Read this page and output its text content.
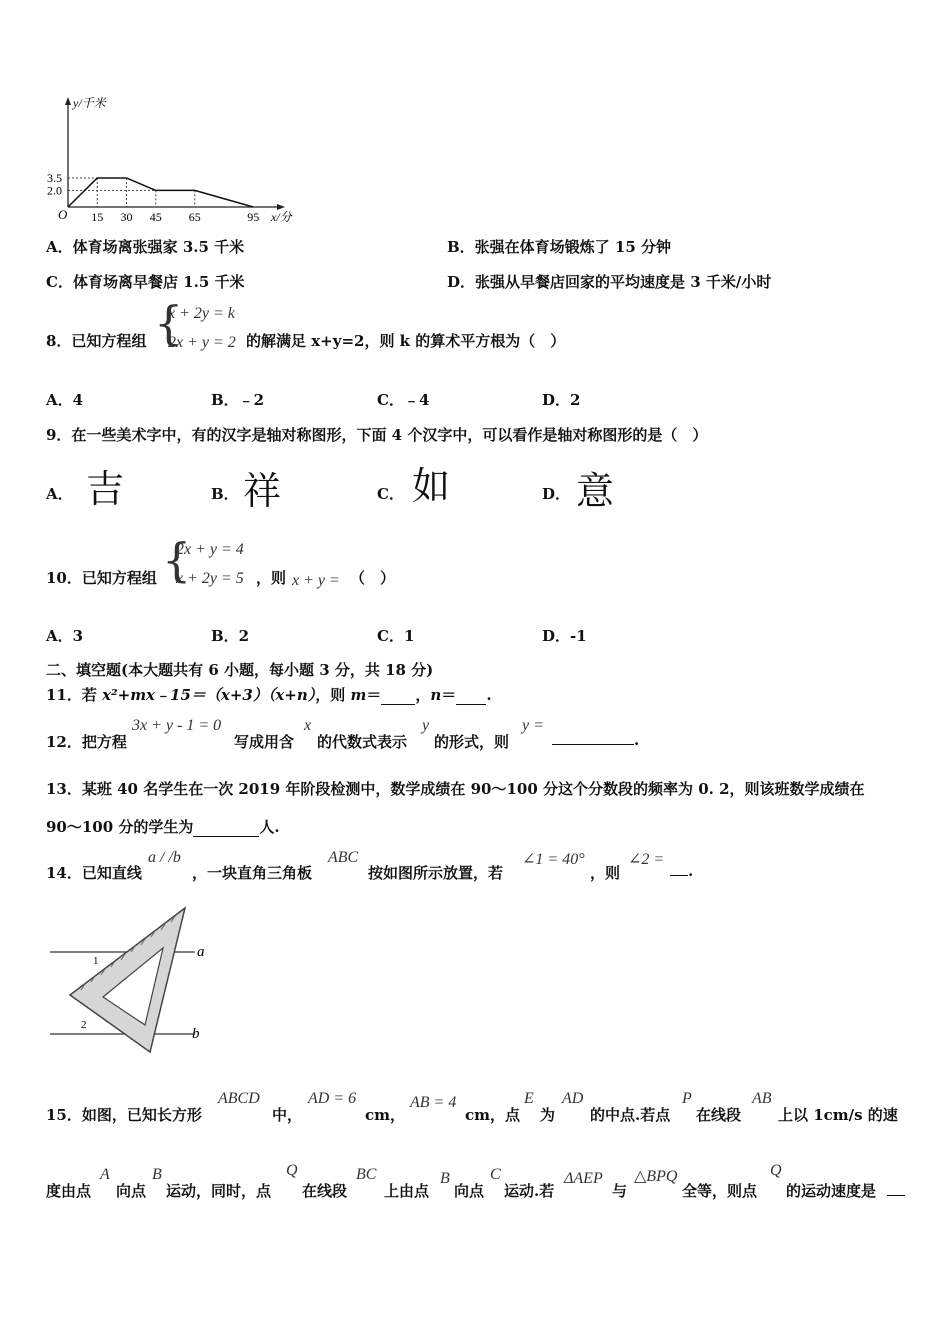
15 30 45 65	95
3.5
2.0
O
y/千米
x/分
A．体育场离张强家 3.5 千米	B．张强在体育场锻炼了 15 分钟
C．体育场离早餐店 1.5 千米	D．张强从早餐店回家的平均速度是 3 千米/小时
8．已知方程组 {
x + 2y = k
2x + y = 2 的解满足 x+y=2，则 k 的算术平方根为（　）
A．4	B．﹣2	C．﹣4	D．2
9．在一些美术字中，有的汉字是轴对称图形，下面 4 个汉字中，可以看作是轴对称图形的是（　）
A． 吉	B． 祥	C． 如	D． 意
10．已知方程组 {
2x + y = 4
x + 2y = 5 ，则 x + y = （　）
A．3	B．2	C．1	D．-1
二、填空题(本大题共有 6 小题，每小题 3 分，共 18 分)
11．若 x²+mx﹣15＝（x+3）（x+n），则 m＝ ，n＝ .
12．把方程
3x + y - 1 = 0
写成用含
x
的代数式表示
y
的形式，则
y =
.
13．某班 40 名学生在一次 2019 年阶段检测中，数学成绩在 90～100 分这个分数段的频率为 0. 2，则该班数学成绩在
90～100 分的学生为	人.
14．已知直线
a / /b
，一块直角三角板
ABC
按如图所示放置，若
∠1 = 40°
，则
∠2 =
.
a
b
1
2
15．如图，已知长方形
ABCD
中，
AD = 6
cm，
AB = 4
cm，点
E
为
AD
的中点.若点
P
在线段
AB
上以 1cm/s 的速
度由点
A
向点
B
运动，同时，点
Q
在线段
BC
上由点
B
向点
C
运动.若
ΔAEP
与
△BPQ
全等，则点
Q
的运动速度是
